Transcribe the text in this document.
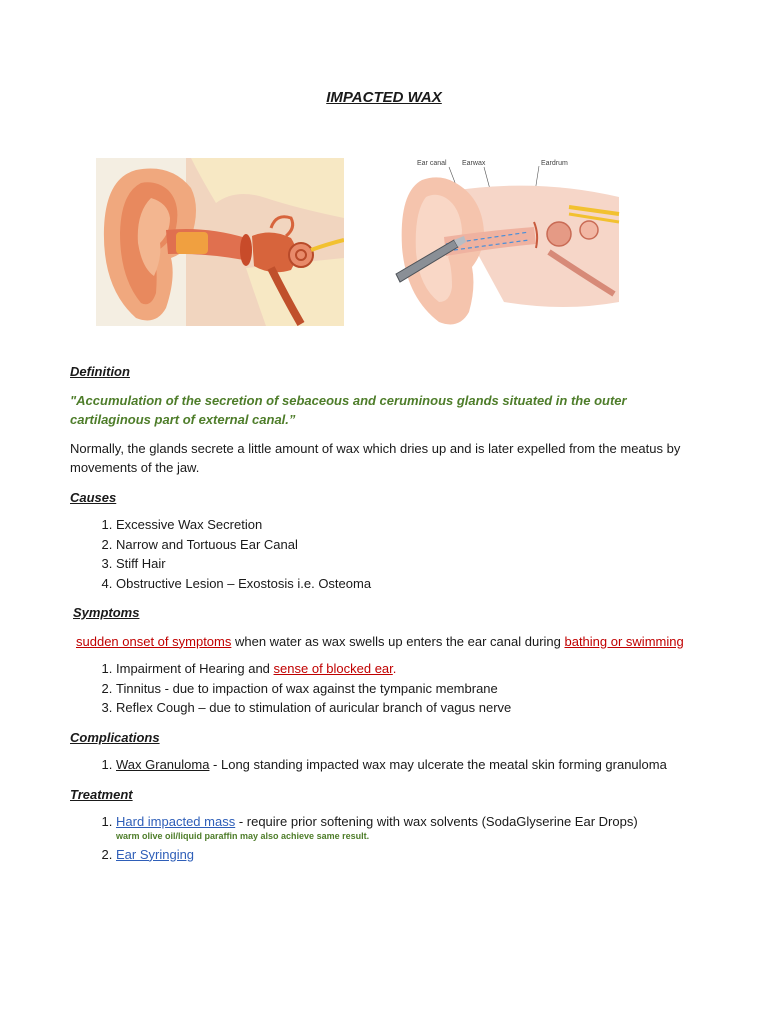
IMPACTED WAX
Ear canal Earwax	Eardrum

Definition

"Accumulation of the secretion of sebaceous and ceruminous glands situated in the outer cartilaginous part of external canal.”

Normally, the glands secrete a little amount of wax which dries up and is later expelled from the meatus by movements of the jaw.

Causes

1. Excessive Wax Secretion
2. Narrow and Tortuous Ear Canal
3. Stiff Hair
4. Obstructive Lesion – Exostosis i.e. Osteoma

Symptoms

sudden onset of symptoms when water as wax swells up enters the ear canal during bathing or swimming

1. Impairment of Hearing and sense of blocked ear.
2. Tinnitus - due to impaction of wax against the tympanic membrane
3. Reflex Cough – due to stimulation of auricular branch of vagus nerve

Complications

1. Wax Granuloma - Long standing impacted wax may ulcerate the meatal skin forming granuloma

Treatment

1. Hard impacted mass - require prior softening with wax solvents (SodaGlyserine Ear Drops)
warm olive oil/liquid paraffin may also achieve same result.
2. Ear Syringing
